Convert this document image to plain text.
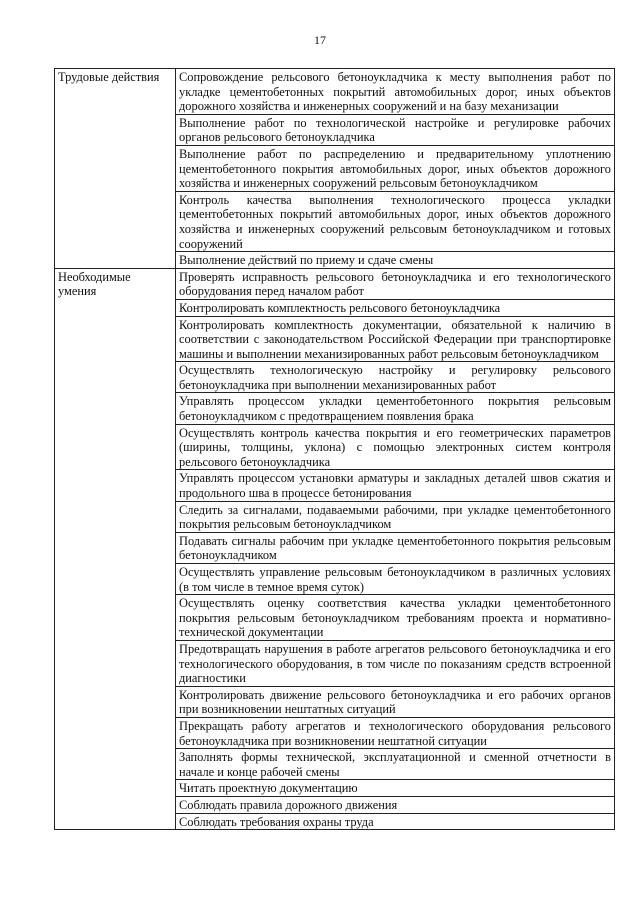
17
Трудовые действия	Сопровождение рельсового бетоноукладчика к месту выполнения работ по укладке цементобетонных покрытий автомобильных дорог, иных объектов дорожного хозяйства и инженерных сооружений и на базу механизации
	Выполнение работ по технологической настройке и регулировке рабочих органов рельсового бетоноукладчика
	Выполнение работ по распределению и предварительному уплотнению цементобетонного покрытия автомобильных дорог, иных объектов дорожного хозяйства и инженерных сооружений рельсовым бетоноукладчиком
	Контроль качества выполнения технологического процесса укладки цементобетонных покрытий автомобильных дорог, иных объектов дорожного хозяйства и инженерных сооружений рельсовым бетоноукладчиком и готовых сооружений
	Выполнение действий по приему и сдаче смены
Необходимые умения	Проверять исправность рельсового бетоноукладчика и его технологического оборудования перед началом работ
	Контролировать комплектность рельсового бетоноукладчика
	Контролировать комплектность документации, обязательной к наличию в соответствии с законодательством Российской Федерации при транспортировке машины и выполнении механизированных работ рельсовым бетоноукладчиком
	Осуществлять технологическую настройку и регулировку рельсового бетоноукладчика при выполнении механизированных работ
	Управлять процессом укладки цементобетонного покрытия рельсовым бетоноукладчиком с предотвращением появления брака
	Осуществлять контроль качества покрытия и его геометрических параметров (ширины, толщины, уклона) с помощью электронных систем контроля рельсового бетоноукладчика
	Управлять процессом установки арматуры и закладных деталей швов сжатия и продольного шва в процессе бетонирования
	Следить за сигналами, подаваемыми рабочими, при укладке цементобетонного покрытия рельсовым бетоноукладчиком
	Подавать сигналы рабочим при укладке цементобетонного покрытия рельсовым бетоноукладчиком
	Осуществлять управление рельсовым бетоноукладчиком в различных условиях (в том числе в темное время суток)
	Осуществлять оценку соответствия качества укладки цементобетонного покрытия рельсовым бетоноукладчиком требованиям проекта и нормативно-технической документации
	Предотвращать нарушения в работе агрегатов рельсового бетоноукладчика и его технологического оборудования, в том числе по показаниям средств встроенной диагностики
	Контролировать движение рельсового бетоноукладчика и его рабочих органов при возникновении нештатных ситуаций
	Прекращать работу агрегатов и технологического оборудования рельсового бетоноукладчика при возникновении нештатной ситуации
	Заполнять формы технической, эксплуатационной и сменной отчетности в начале и конце рабочей смены
	Читать проектную документацию
	Соблюдать правила дорожного движения
	Соблюдать требования охраны труда
